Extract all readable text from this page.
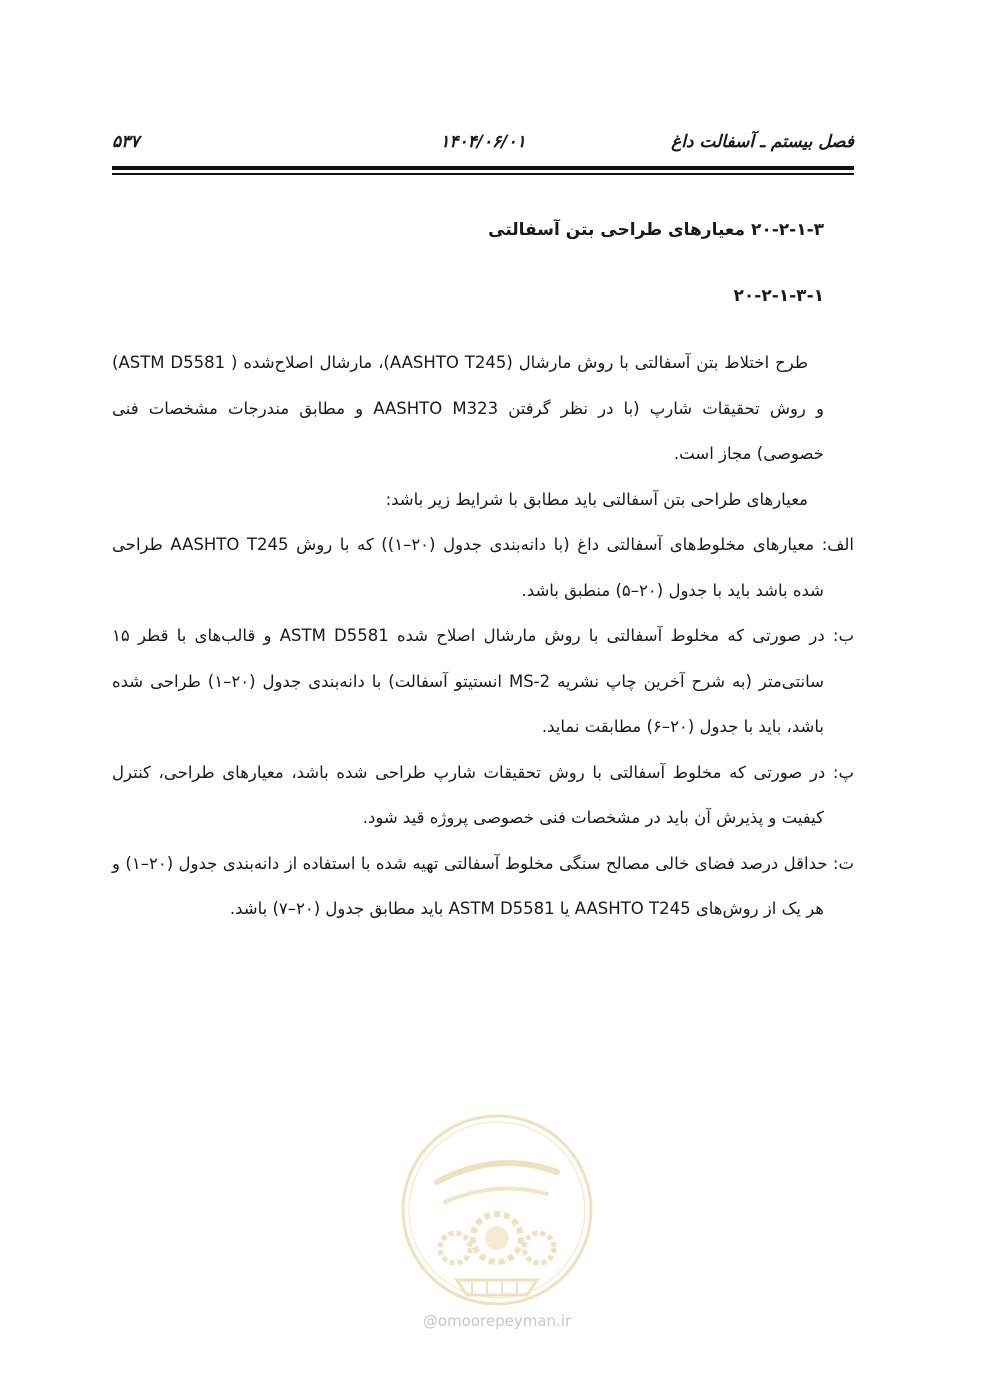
فصل بیستم ـ آسفالت داغ
۱۴۰۴/۰۶/۰۱
۵۳۷
۲۰-۲-۱-۳ معیارهای طراحی بتن آسفالتی
۲۰-۲-۱-۳-۱

طرح اختلاط بتن آسفالتی با روش مارشال (AASHTO T245)، مارشال اصلاح‌شده ( ASTM D5581) و روش تحقیقات شارپ (با در نظر گرفتن AASHTO M323 و مطابق مندرجات مشخصات فنی خصوصی) مجاز است.

معیارهای طراحی بتن آسفالتی باید مطابق با شرایط زیر باشد:

الف: معیارهای مخلوط‌های آسفالتی داغ (با دانه‌بندی جدول (۲۰–۱)) که با روش AASHTO T245 طراحی شده باشد باید با جدول (۲۰–۵) منطبق باشد.

ب: در صورتی که مخلوط آسفالتی با روش مارشال اصلاح شده ASTM D5581 و قالب‌های با قطر ۱۵ سانتی‌متر (به شرح آخرین چاپ نشریه MS-2 انستیتو آسفالت) با دانه‌بندی جدول (۲۰–۱) طراحی شده باشد، باید با جدول (۲۰–۶) مطابقت نماید.

پ: در صورتی که مخلوط آسفالتی با روش تحقیقات شارپ طراحی شده باشد، معیارهای طراحی، کنترل کیفیت و پذیرش آن باید در مشخصات فنی خصوصی پروژه قید شود.

ت: حداقل درصد فضای خالی مصالح سنگی مخلوط آسفالتی تهیه شده با استفاده از دانه‌بندی جدول (۲۰–۱) و هر یک از روش‌های AASHTO T245 یا ASTM D5581 باید مطابق جدول (۲۰–۷) باشد.

@omoorepeyman.ir
